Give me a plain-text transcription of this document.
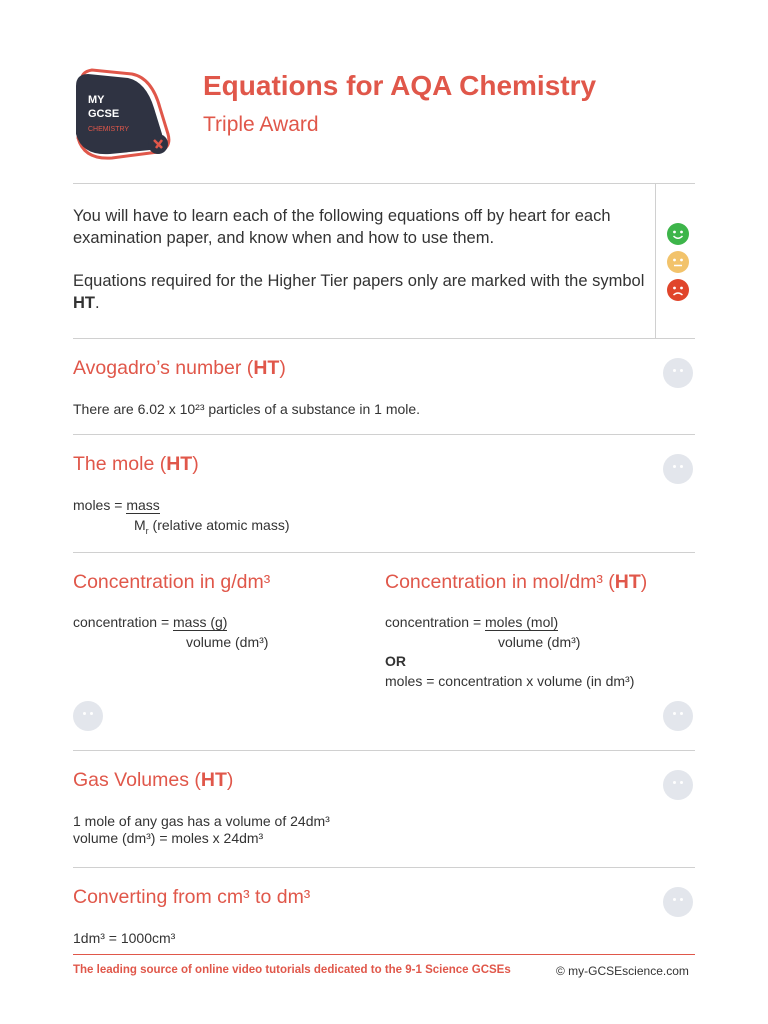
MY
GCSE
CHEMISTRY
Equations for AQA Chemistry
Triple Award
You will have to learn each of the following equations off by heart for each examination paper, and know when and how to use them.
Equations required for the Higher Tier papers only are marked with the symbol HT.
Avogadro’s number (HT)
There are 6.02 x 10²³ particles of a substance in 1 mole.
The mole (HT)
moles = mass
$M_r$ (relative atomic mass)
Concentration in g/dm³
concentration = mass (g)
volume (dm³)
Concentration in mol/dm³ (HT)
concentration = moles (mol)
volume (dm³)
OR
moles = concentration x volume (in dm³)
Gas Volumes (HT)
1 mole of any gas has a volume of 24dm³
volume (dm³) = moles x 24dm³
Converting from cm³ to dm³
1dm³ = 1000cm³
The leading source of online video tutorials dedicated to the 9-1 Science GCSEs	© my-GCSEscience.com
